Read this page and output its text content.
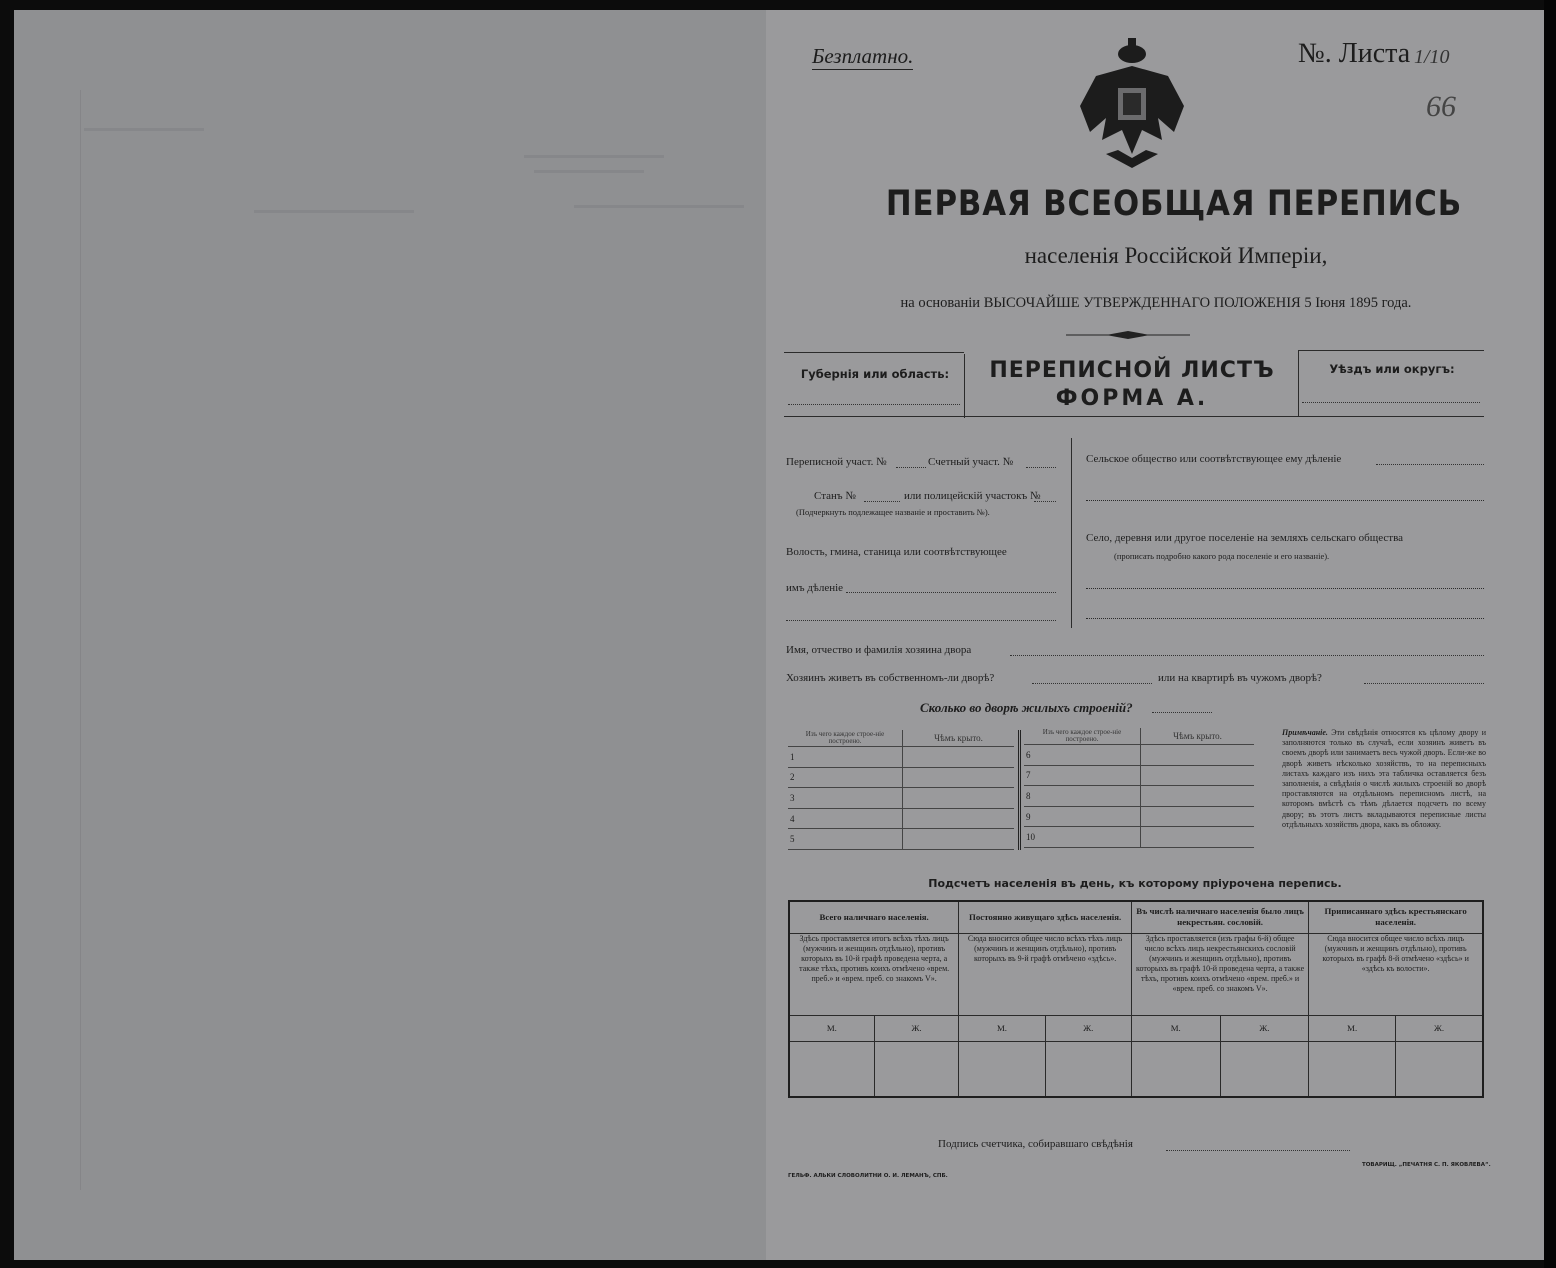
Безплатно.	№. Листа 1/10
66
ПЕРВАЯ ВСЕОБЩАЯ ПЕРЕПИСЬ
населенія Россійской Имперіи,
на основаніи ВЫСОЧАЙШЕ УТВЕРЖДЕННАГО ПОЛОЖЕНІЯ 5 Іюня 1895 года.
Губернія или область:	ПЕРЕПИСНОЙ ЛИСТЪ
ФОРМА А.
Уѣздъ или округъ:
Переписной участ. №	Счетный участ. №
Станъ №	или полицейскій участокъ №
(Подчеркнуть подлежащее названіе и проставить №).
Волость, гмина, станица или соотвѣтствующее
имъ дѣленіе
Сельское общество или соотвѣтствующее ему дѣленіе
Село, деревня или другое поселеніе на земляхъ сельскаго общества
(прописать подробно какого рода поселеніе и его названіе).
Имя, отчество и фамилія хозяина двора
Хозяинъ живетъ въ собственномъ-ли дворѣ?	или на квартирѣ въ чужомъ дворѣ?
Сколько во дворѣ жилыхъ строеній?
Изъ чего каждое строе-ніе построено.	Чѣмъ крыто.
1	
2	
3	
4	
5	
Изъ чего каждое строе-ніе построено.	Чѣмъ крыто.
6	
7	
8	
9	
10	
Примѣчаніе. Эти свѣдѣнія относятся къ цѣлому двору и заполняются только въ случаѣ, если хозяинъ живетъ въ своемъ дворѣ или занимаетъ весь чужой дворъ. Если-же во дворѣ живетъ нѣсколько хозяйствъ, то на переписныхъ листахъ каждаго изъ нихъ эта табличка оставляется безъ заполненія, а свѣдѣнія о числѣ жилыхъ строеній во дворѣ проставляются на отдѣльномъ переписномъ листѣ, на которомъ вмѣстѣ съ тѣмъ дѣлается подсчетъ по всему двору; въ этотъ листъ вкладываются переписные листы отдѣльныхъ хозяйствъ двора, какъ въ обложку.
Подсчетъ населенія въ день, къ которому пріурочена перепись.
Всего наличнаго населенія.		Постоянно живущаго здѣсь населенія.		Въ числѣ наличнаго населенія было лицъ некрестьян. сословій.		Приписаннаго здѣсь крестьянскаго населенія.	
Здѣсь проставляется итогъ всѣхъ тѣхъ лицъ (мужчинъ и женщинъ отдѣльно), противъ которыхъ въ 10-й графѣ проведена черта, а также тѣхъ, противъ коихъ отмѣчено «врем. преб.» и «врем. преб. со знакомъ V».		Сюда вносится общее число всѣхъ тѣхъ лицъ (мужчинъ и женщинъ отдѣльно), противъ которыхъ въ 9-й графѣ отмѣчено «здѣсь».		Здѣсь проставляется (изъ графы 6-й) общее число всѣхъ лицъ некрестьянскихъ сословій (мужчинъ и женщинъ отдѣльно), противъ которыхъ въ графѣ 10-й проведена черта, а также тѣхъ, противъ коихъ отмѣчено «врем. преб.» и «врем. преб. со знакомъ V».		Сюда вносится общее число всѣхъ лицъ (мужчинъ и женщинъ отдѣльно), противъ которыхъ въ графѣ 8-й отмѣчено «здѣсь» и «здѣсь къ волости».	
М.	Ж.	М.	Ж.	М.	Ж.	М.	Ж.

Подпись счетчика, собиравшаго свѣдѣнія
ГЕЛЬФ. АЛЬКИ СЛОВОЛИТНИ О. И. ЛЕМАНЪ, СПБ.
ТОВАРИЩ. „ПЕЧАТНЯ С. П. ЯКОВЛЕВА“.
